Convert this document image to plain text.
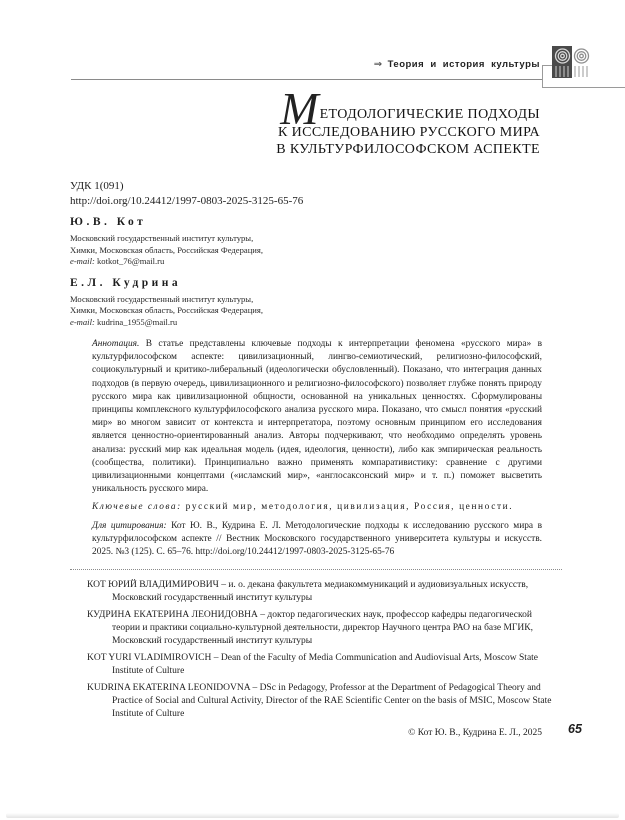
⇒ Теория и история культуры
МЕТОДОЛОГИЧЕСКИЕ ПОДХОДЫ
К ИССЛЕДОВАНИЮ РУССКОГО МИРА
В КУЛЬТУРФИЛОСОФСКОМ АСПЕКТЕ

УДК 1(091)

http://doi.org/10.24412/1997-0803-2025-3125-65-76

Ю.В. Кот

Московский государственный институт культуры,
Химки, Московская область, Российская Федерация,
e-mail: kotkot_76@mail.ru

Е.Л. Кудрина

Московский государственный институт культуры,
Химки, Московская область, Российская Федерация,
e-mail: kudrina_1955@mail.ru

Аннотация. В статье представлены ключевые подходы к интерпретации феномена «русского мира» в культурфилософском аспекте: цивилизационный, лингво-семиотический, религиозно-философский, социокультурный и критико-либеральный (идеологически обусловленный). Показано, что интеграция данных подходов (в первую очередь, цивилизационного и религиозно-философского) позволяет глубже понять природу русского мира как цивилизационной общности, основанной на уникальных ценностях. Сформулированы принципы комплексного культурфилософского анализа русского мира. Показано, что смысл понятия «русский мир» во многом зависит от контекста и интерпретатора, поэтому основным принципом его исследования является ценностно-ориентированный анализ. Авторы подчеркивают, что необходимо определять уровень анализа: русский мир как идеальная модель (идея, идеология, ценности), либо как эмпирическая реальность (сообщества, политики). Принципиально важно применять компаративистику: сравнение с другими цивилизационными концептами («исламский мир», «англосаксонский мир» и т. п.) поможет высветить уникальность русского мира.

Ключевые слова: русский мир, методология, цивилизация, Россия, ценности.

Для цитирования: Кот Ю. В., Кудрина Е. Л. Методологические подходы к исследованию русского мира в культурфилософском аспекте // Вестник Московского государственного университета культуры и искусств. 2025. №3 (125). С. 65–76. http://doi.org/10.24412/1997-0803-2025-3125-65-76

КОТ ЮРИЙ ВЛАДИМИРОВИЧ – и. о. декана факультета медиакоммуникаций и аудиовизуальных искусств, Московский государственный институт культуры

КУДРИНА ЕКАТЕРИНА ЛЕОНИДОВНА – доктор педагогических наук, профессор кафедры педагогической теории и практики социально-культурной деятельности, директор Научного центра РАО на базе МГИК, Московский государственный институт культуры

KOT YURI VLADIMIROVICH – Dean of the Faculty of Media Communication and Audiovisual Arts, Moscow State Institute of Culture

KUDRINA EKATERINA LEONIDOVNA – DSc in Pedagogy, Professor at the Department of Pedagogical Theory and Practice of Social and Cultural Activity, Director of the RAE Scientific Center on the basis of MSIC, Moscow State Institute of Culture

© Кот Ю. В., Кудрина Е. Л., 2025	65
